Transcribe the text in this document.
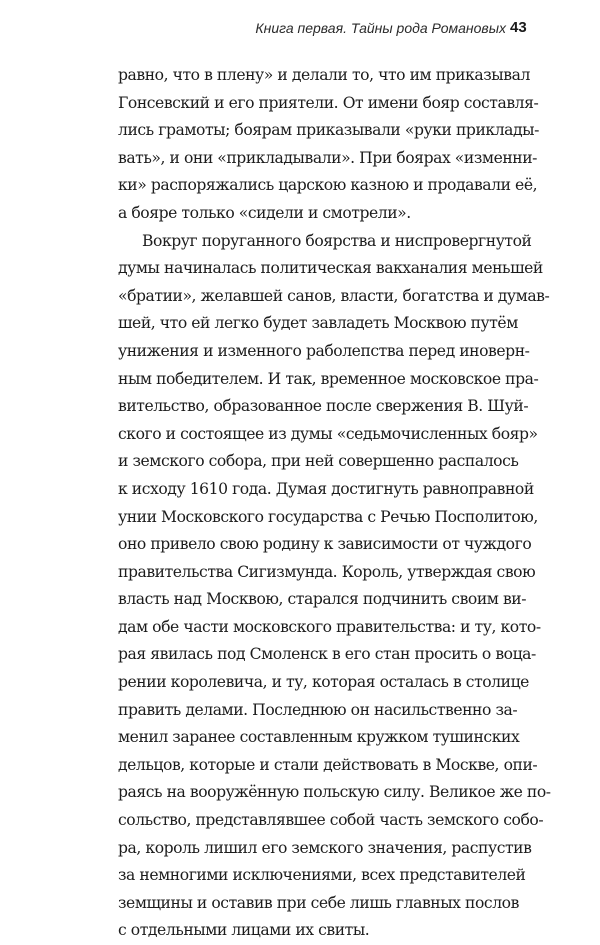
Книга первая. Тайны рода Романовых 43
равно, что в плену» и делали то, что им приказывал
Гонсевский и его приятели. От имени бояр составля-
лись грамоты; боярам приказывали «руки приклады-
вать», и они «прикладывали». При боярах «изменни-
ки» распоряжались царскою казною и продавали её,
а бояре только «сидели и смотрели».
Вокруг поруганного боярства и ниспровергнутой
думы начиналась политическая вакханалия меньшей
«братии», желавшей санов, власти, богатства и думав-
шей, что ей легко будет завладеть Москвою путём
унижения и изменного раболепства перед иноверн-
ным победителем. И так, временное московское пра-
вительство, образованное после свержения В. Шуй-
ского и состоящее из думы «седьмочисленных бояр»
и земского собора, при ней совершенно распалось
к исходу 1610 года. Думая достигнуть равноправной
унии Московского государства с Речью Посполитою,
оно привело свою родину к зависимости от чуждого
правительства Сигизмунда. Король, утверждая свою
власть над Москвою, старался подчинить своим ви-
дам обе части московского правительства: и ту, кото-
рая явилась под Смоленск в его стан просить о воца-
рении королевича, и ту, которая осталась в столице
править делами. Последнюю он насильственно за-
менил заранее составленным кружком тушинских
дельцов, которые и стали действовать в Москве, опи-
раясь на вооружённую польскую силу. Великое же по-
сольство, представлявшее собой часть земского собо-
ра, король лишил его земского значения, распустив
за немногими исключениями, всех представителей
земщины и оставив при себе лишь главных послов
с отдельными лицами их свиты.
